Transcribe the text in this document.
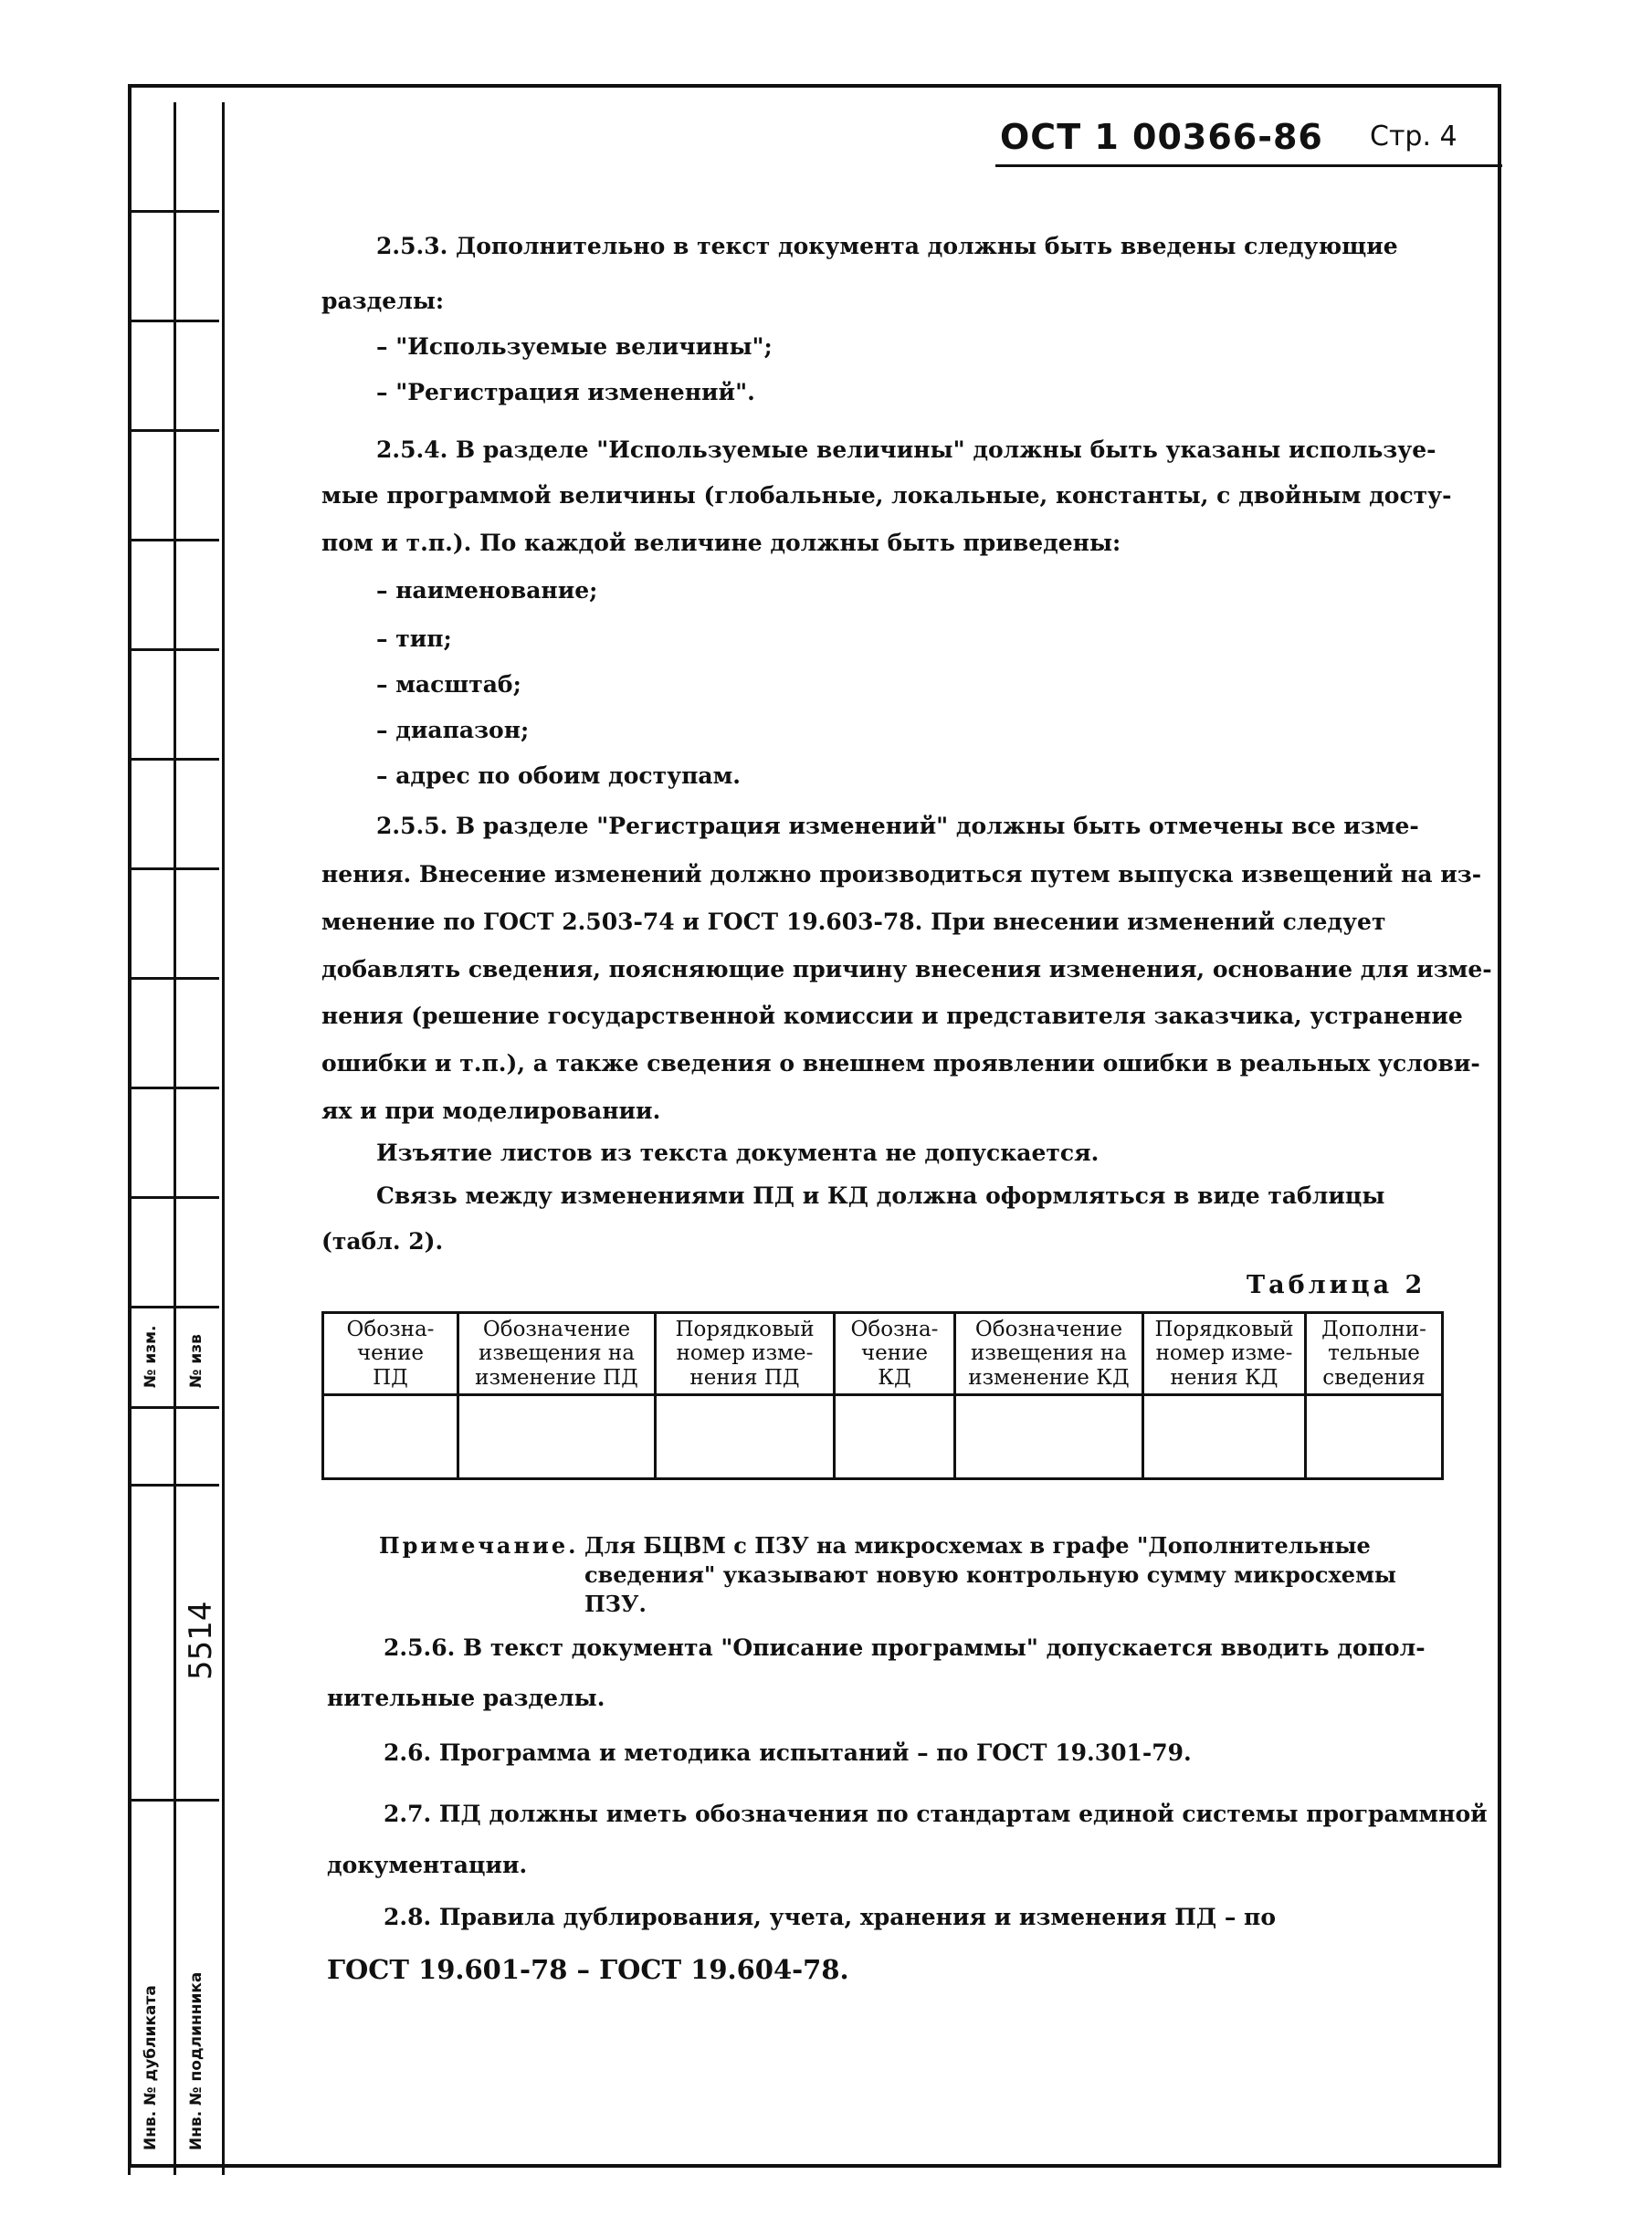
№ изм. № изв
5514
Инв. № дубликата Инв. № подлинника
ОСТ 1 00366-86 Стр. 4
2.5.3. Дополнительно в текст документа должны быть введены следующие
разделы:
– "Используемые величины";
– "Регистрация изменений".
2.5.4. В разделе "Используемые величины" должны быть указаны используе-
мые программой величины (глобальные, локальные, константы, с двойным досту-
пом и т.п.). По каждой величине должны быть приведены:
– наименование;
– тип;
– масштаб;
– диапазон;
– адрес по обоим доступам.
2.5.5. В разделе "Регистрация изменений" должны быть отмечены все изме-
нения. Внесение изменений должно производиться путем выпуска извещений на из-
менение по ГОСТ 2.503-74 и ГОСТ 19.603-78. При внесении изменений следует
добавлять сведения, поясняющие причину внесения изменения, основание для изме-
нения (решение государственной комиссии и представителя заказчика, устранение
ошибки и т.п.), а также сведения о внешнем проявлении ошибки в реальных услови-
ях и при моделировании.
Изъятие листов из текста документа не допускается.
Связь между изменениями ПД и КД должна оформляться в виде таблицы
(табл. 2).
Таблица 2
Обозна-
чение
ПД	Обозначение
извещения на
изменение ПД	Порядковый
номер изме-
нения ПД	Обозна-
чение
КД	Обозначение
извещения на
изменение КД	Порядковый
номер изме-
нения КД	Дополни-
тельные
сведения

Примечание. Для БЦВМ с ПЗУ на микросхемах в графе "Дополнительные
сведения" указывают новую контрольную сумму микросхемы
ПЗУ.
2.5.6. В текст документа "Описание программы" допускается вводить допол-
нительные разделы.
2.6. Программа и методика испытаний – по ГОСТ 19.301-79.
2.7. ПД должны иметь обозначения по стандартам единой системы программной
документации.
2.8. Правила дублирования, учета, хранения и изменения ПД – по
ГОСТ 19.601-78 – ГОСТ 19.604-78.
